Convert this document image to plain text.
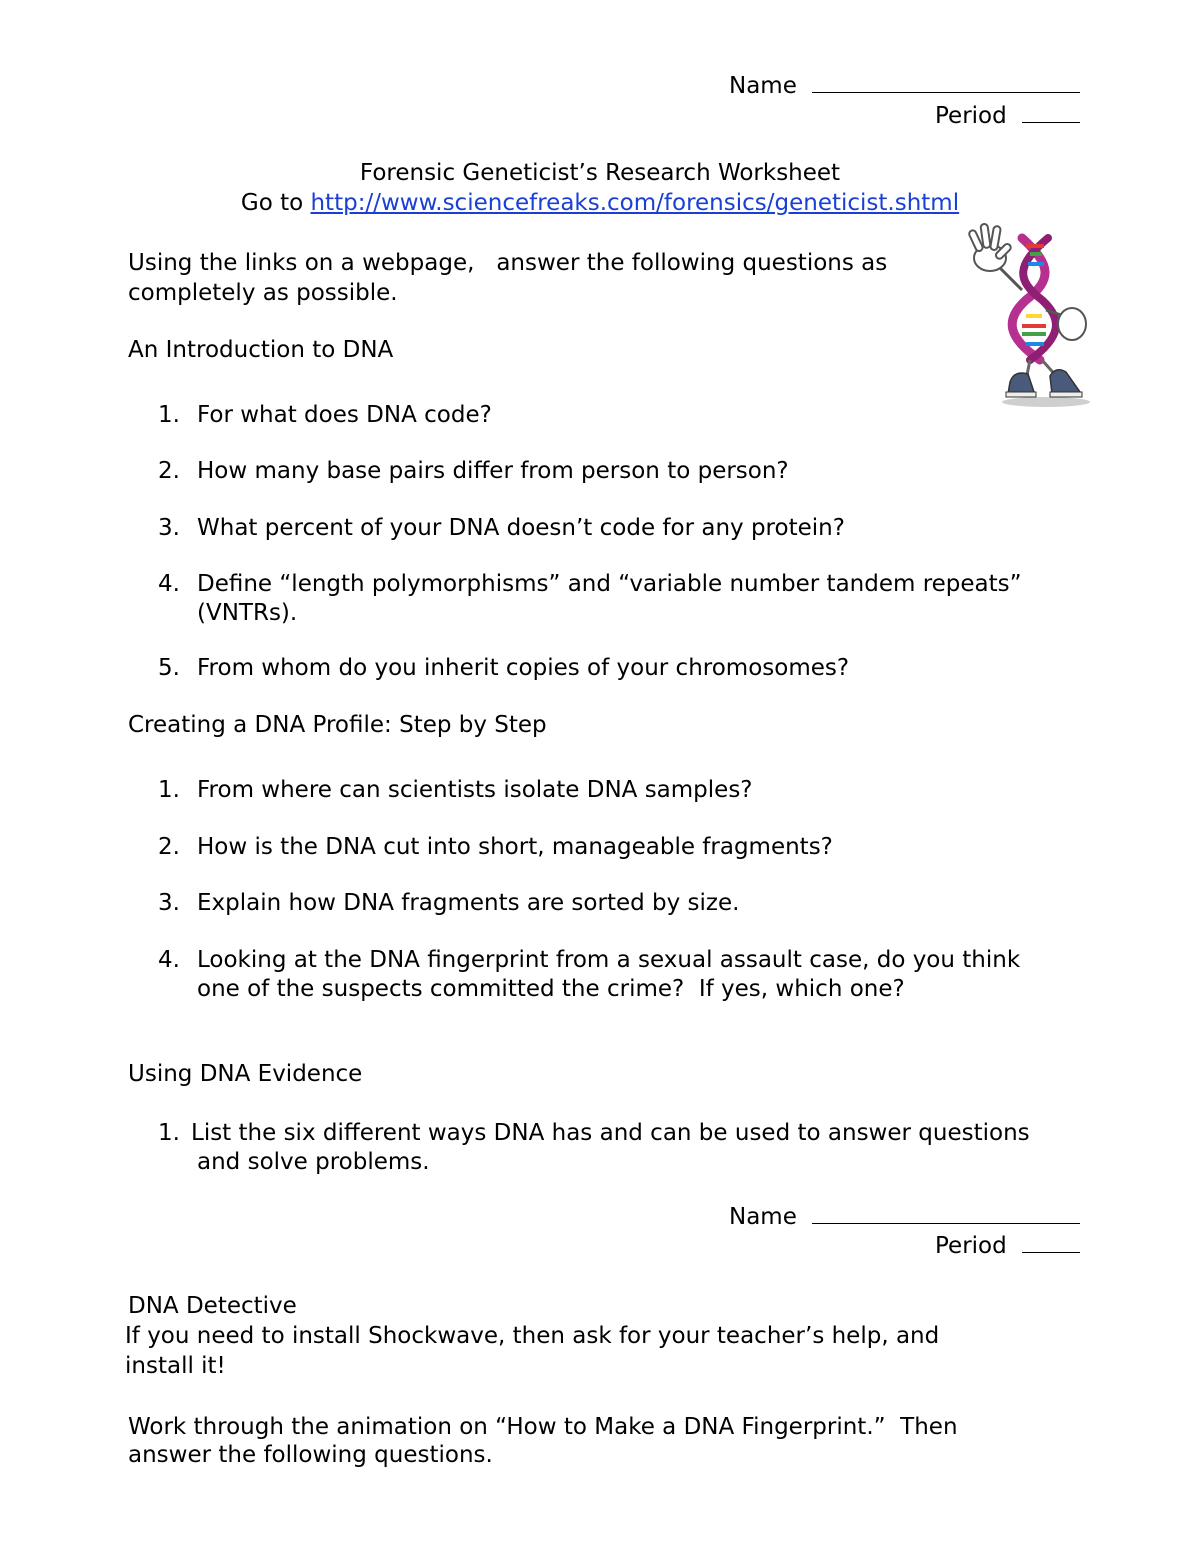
Name
Period
Forensic Geneticist’s Research Worksheet
Go to http://www.sciencefreaks.com/forensics/geneticist.shtml
Using the links on a webpage,   answer the following questions as
completely as possible.
An Introduction to DNA
1. For what does DNA code?
2. How many base pairs differ from person to person?
3. What percent of your DNA doesn’t code for any protein?
4. Define “length polymorphisms” and “variable number tandem repeats”
(VNTRs).
5. From whom do you inherit copies of your chromosomes?
Creating a DNA Profile: Step by Step
1. From where can scientists isolate DNA samples?
2. How is the DNA cut into short, manageable fragments?
3. Explain how DNA fragments are sorted by size.
4. Looking at the DNA fingerprint from a sexual assault case, do you think
one of the suspects committed the crime?  If yes, which one?
Using DNA Evidence
1. List the six different ways DNA has and can be used to answer questions
and solve problems.
Name
Period
DNA Detective
If you need to install Shockwave, then ask for your teacher’s help, and
install it!
Work through the animation on “How to Make a DNA Fingerprint.”  Then
answer the following questions.
